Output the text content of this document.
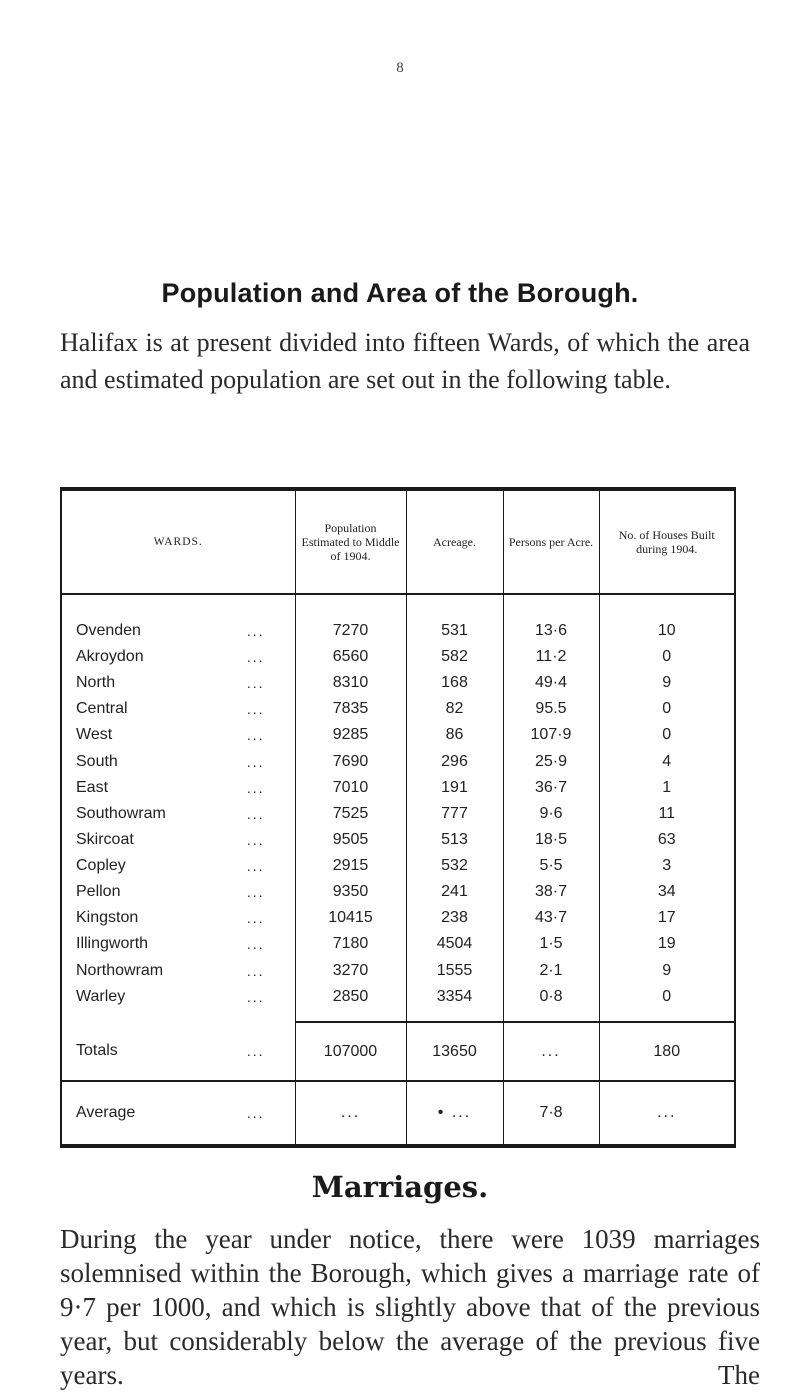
8
Population and Area of the Borough.

Halifax is at present divided into fifteen Wards, of which the area and estimated population are set out in the following table.

WARDS.	Population Estimated to Middle of 1904.	Acreage.	Persons per Acre.	No. of Houses Built during 1904.

Ovenden ...	7270	531	13·6	10

Akroydon ...	6560	582	11·2	0

North ...	8310	168	49·4	9

Central ...	7835	82	95.5	0

West ...	9285	86	107·9	0

South ...	7690	296	25·9	4

East ...	7010	191	36·7	1

Southowram ...	7525	777	9·6	11

Skircoat ...	9505	513	18·5	63

Copley ...	2915	532	5·5	3

Pellon ...	9350	241	38·7	34

Kingston ...	10415	238	43·7	17

Illingworth ...	7180	4504	1·5	19

Northowram ...	3270	1555	2·1	9

Warley ...	2850	3354	0·8	0

Totals ...	107000	13650	...	180

Average ...	...	• ...	7·8	...
Marriages.

During the year under notice, there were 1039 marriages solemnised within the Borough, which gives a marriage rate of 9·7 per 1000, and which is slightly above that of the previous year, but considerably below the average of the previous five years. The
